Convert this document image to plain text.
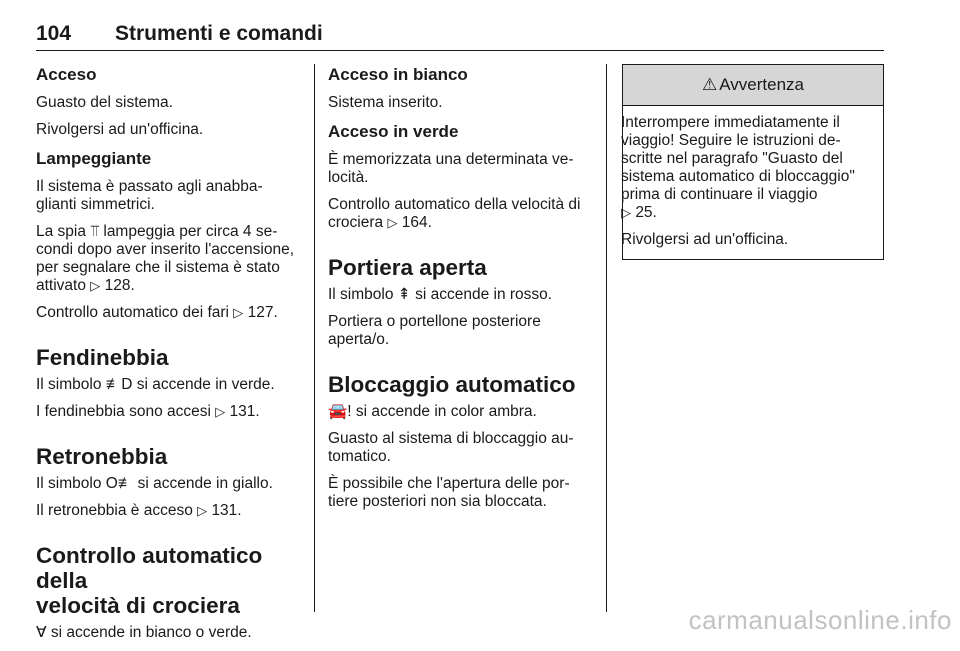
104 Strumenti e comandi
Acceso
Guasto del sistema.
Rivolgersi ad un'officina.
Lampeggiante
Il sistema è passato agli anabba-
glianti simmetrici.
La spia ⫪ lampeggia per circa 4 se-
condi dopo aver inserito l'accensione,
per segnalare che il sistema è stato
attivato ▷ 128.
Controllo automatico dei fari ▷ 127.
Fendinebbia
Il simbolo ≢D si accende in verde.
I fendinebbia sono accesi ▷ 131.
Retronebbia
Il simbolo O≢ si accende in giallo.
Il retronebbia è acceso ▷ 131.
Controllo automatico della
velocità di crociera
Ɐ si accende in bianco o verde.
Acceso in bianco
Sistema inserito.
Acceso in verde
È memorizzata una determinata ve-
locità.
Controllo automatico della velocità di
crociera ▷ 164.
Portiera aperta
Il simbolo ⇞ si accende in rosso.
Portiera o portellone posteriore
aperta/o.
Bloccaggio automatico
🚘! si accende in color ambra.
Guasto al sistema di bloccaggio au-
tomatico.
È possibile che l'apertura delle por-
tiere posteriori non sia bloccata.
⚠ Avvertenza
Interrompere immediatamente il
viaggio! Seguire le istruzioni de-
scritte nel paragrafo "Guasto del
sistema automatico di bloccaggio"
prima di continuare il viaggio
▷ 25.
Rivolgersi ad un'officina.
carmanualsonline.info
